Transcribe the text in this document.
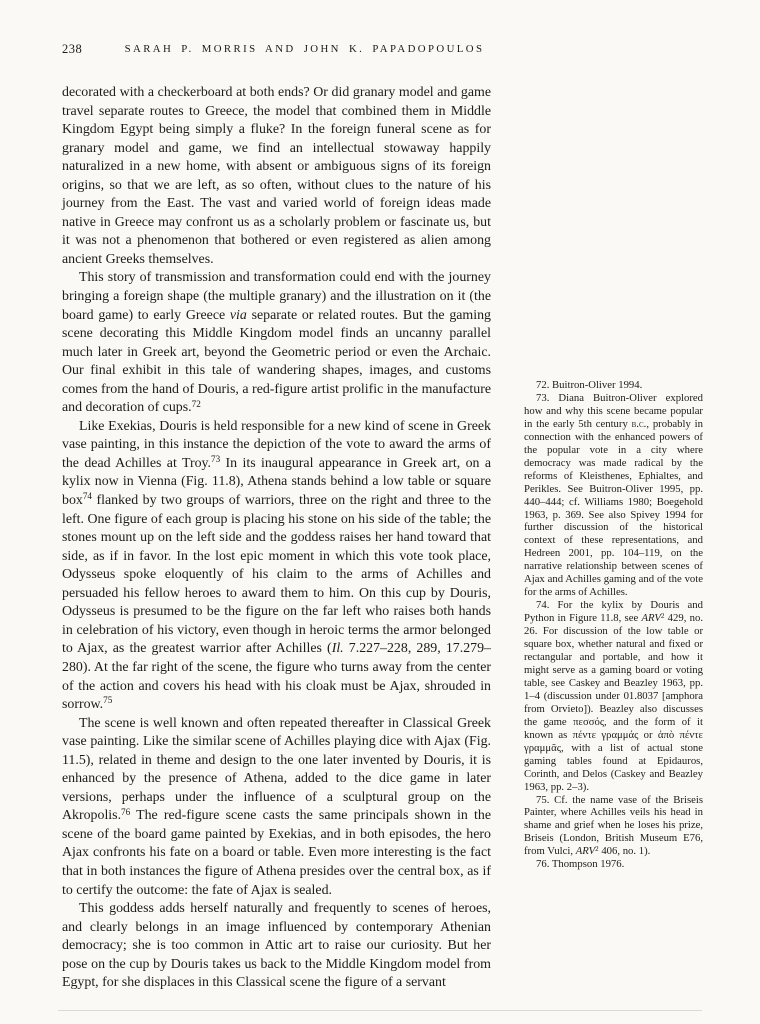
238	SARAH P. MORRIS AND JOHN K. PAPADOPOULOS

decorated with a checkerboard at both ends? Or did granary model and game travel separate routes to Greece, the model that combined them in Middle Kingdom Egypt being simply a fluke? In the foreign funeral scene as for granary model and game, we find an intellectual stowaway happily naturalized in a new home, with absent or ambiguous signs of its foreign origins, so that we are left, as so often, without clues to the nature of his journey from the East. The vast and varied world of foreign ideas made native in Greece may confront us as a scholarly problem or fascinate us, but it was not a phenomenon that bothered or even registered as alien among ancient Greeks themselves.

This story of transmission and transformation could end with the journey bringing a foreign shape (the multiple granary) and the illustration on it (the board game) to early Greece via separate or related routes. But the gaming scene decorating this Middle Kingdom model finds an uncanny parallel much later in Greek art, beyond the Geometric period or even the Archaic. Our final exhibit in this tale of wandering shapes, images, and customs comes from the hand of Douris, a red-figure artist prolific in the manufacture and decoration of cups.$^{72}$

Like Exekias, Douris is held responsible for a new kind of scene in Greek vase painting, in this instance the depiction of the vote to award the arms of the dead Achilles at Troy.$^{73}$ In its inaugural appearance in Greek art, on a kylix now in Vienna (Fig. 11.8), Athena stands behind a low table or square box$^{74}$ flanked by two groups of warriors, three on the right and three to the left. One figure of each group is placing his stone on his side of the table; the stones mount up on the left side and the goddess raises her hand toward that side, as if in favor. In the lost epic moment in which this vote took place, Odysseus spoke eloquently of his claim to the arms of Achilles and persuaded his fellow heroes to award them to him. On this cup by Douris, Odysseus is presumed to be the figure on the far left who raises both hands in celebration of his victory, even though in heroic terms the armor belonged to Ajax, as the greatest warrior after Achilles (Il. 7.227–228, 289, 17.279–280). At the far right of the scene, the figure who turns away from the center of the action and covers his head with his cloak must be Ajax, shrouded in sorrow.$^{75}$

The scene is well known and often repeated thereafter in Classical Greek vase painting. Like the similar scene of Achilles playing dice with Ajax (Fig. 11.5), related in theme and design to the one later invented by Douris, it is enhanced by the presence of Athena, added to the dice game in later versions, perhaps under the influence of a sculptural group on the Akropolis.$^{76}$ The red-figure scene casts the same principals shown in the scene of the board game painted by Exekias, and in both episodes, the hero Ajax confronts his fate on a board or table. Even more interesting is the fact that in both instances the figure of Athena presides over the central box, as if to certify the outcome: the fate of Ajax is sealed.

This goddess adds herself naturally and frequently to scenes of heroes, and clearly belongs in an image influenced by contemporary Athenian democracy; she is too common in Attic art to raise our curiosity. But her pose on the cup by Douris takes us back to the Middle Kingdom model from Egypt, for she displaces in this Classical scene the figure of a servant

72. Buitron-Oliver 1994.

73. Diana Buitron-Oliver explored how and why this scene became popular in the early 5th century b.c., probably in connection with the enhanced powers of the popular vote in a city where democracy was made radical by the reforms of Kleisthenes, Ephialtes, and Perikles. See Buitron-Oliver 1995, pp. 440–444; cf. Williams 1980; Boegehold 1963, p. 369. See also Spivey 1994 for further discussion of the historical context of these representations, and Hedreen 2001, pp. 104–119, on the narrative relationship between scenes of Ajax and Achilles gaming and of the vote for the arms of Achilles.

74. For the kylix by Douris and Python in Figure 11.8, see ARV$^2$ 429, no. 26. For discussion of the low table or square box, whether natural and fixed or rectangular and portable, and how it might serve as a gaming board or voting table, see Caskey and Beazley 1963, pp. 1–4 (discussion under 01.8037 [amphora from Orvieto]). Beazley also discusses the game πεσσός, and the form of it known as πέντε γραμμάς or ἀπὸ πέντε γραμμᾶς, with a list of actual stone gaming tables found at Epidauros, Corinth, and Delos (Caskey and Beazley 1963, pp. 2–3).

75. Cf. the name vase of the Briseis Painter, where Achilles veils his head in shame and grief when he loses his prize, Briseis (London, British Museum E76, from Vulci, ARV$^2$ 406, no. 1).

76. Thompson 1976.
